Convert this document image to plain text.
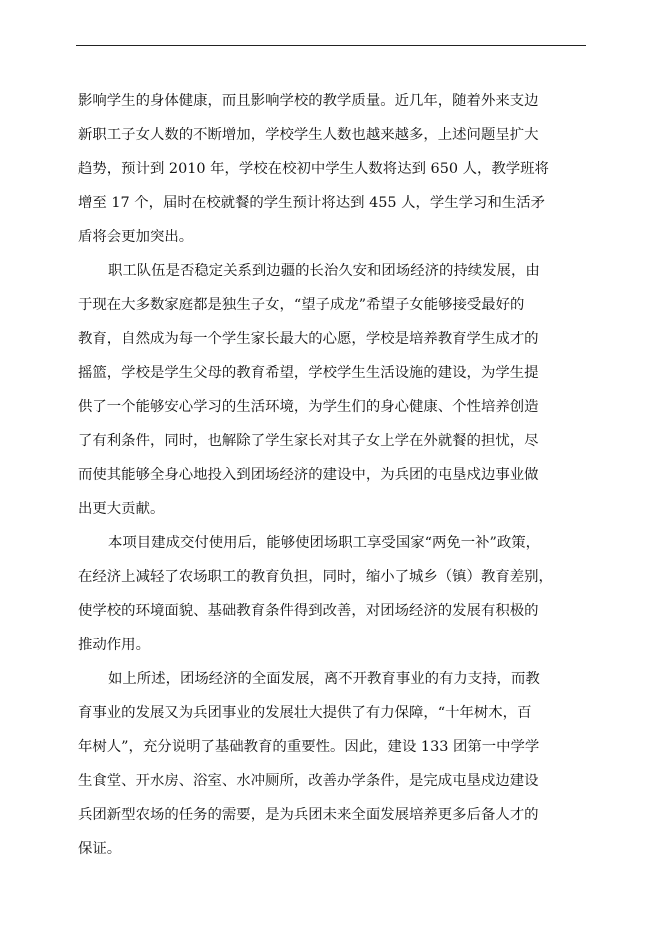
影响学生的身体健康，而且影响学校的教学质量。近几年，随着外来支边
新职工子女人数的不断增加，学校学生人数也越来越多，上述问题呈扩大
趋势，预计到 2010 年，学校在校初中学生人数将达到 650 人，教学班将
增至 17 个，届时在校就餐的学生预计将达到 455 人，学生学习和生活矛
盾将会更加突出。
职工队伍是否稳定关系到边疆的长治久安和团场经济的持续发展，由
于现在大多数家庭都是独生子女，“望子成龙”希望子女能够接受最好的
教育，自然成为每一个学生家长最大的心愿，学校是培养教育学生成才的
摇篮，学校是学生父母的教育希望，学校学生生活设施的建设，为学生提
供了一个能够安心学习的生活环境，为学生们的身心健康、个性培养创造
了有利条件，同时，也解除了学生家长对其子女上学在外就餐的担忧，尽
而使其能够全身心地投入到团场经济的建设中，为兵团的屯垦戍边事业做
出更大贡献。
本项目建成交付使用后，能够使团场职工享受国家“两免一补”政策，
在经济上减轻了农场职工的教育负担，同时，缩小了城乡（镇）教育差别，
使学校的环境面貌、基础教育条件得到改善，对团场经济的发展有积极的
推动作用。
如上所述，团场经济的全面发展，离不开教育事业的有力支持，而教
育事业的发展又为兵团事业的发展壮大提供了有力保障，“十年树木，百
年树人”，充分说明了基础教育的重要性。因此，建设 133 团第一中学学
生食堂、开水房、浴室、水冲厕所，改善办学条件，是完成屯垦戍边建设
兵团新型农场的任务的需要，是为兵团未来全面发展培养更多后备人才的
保证。
